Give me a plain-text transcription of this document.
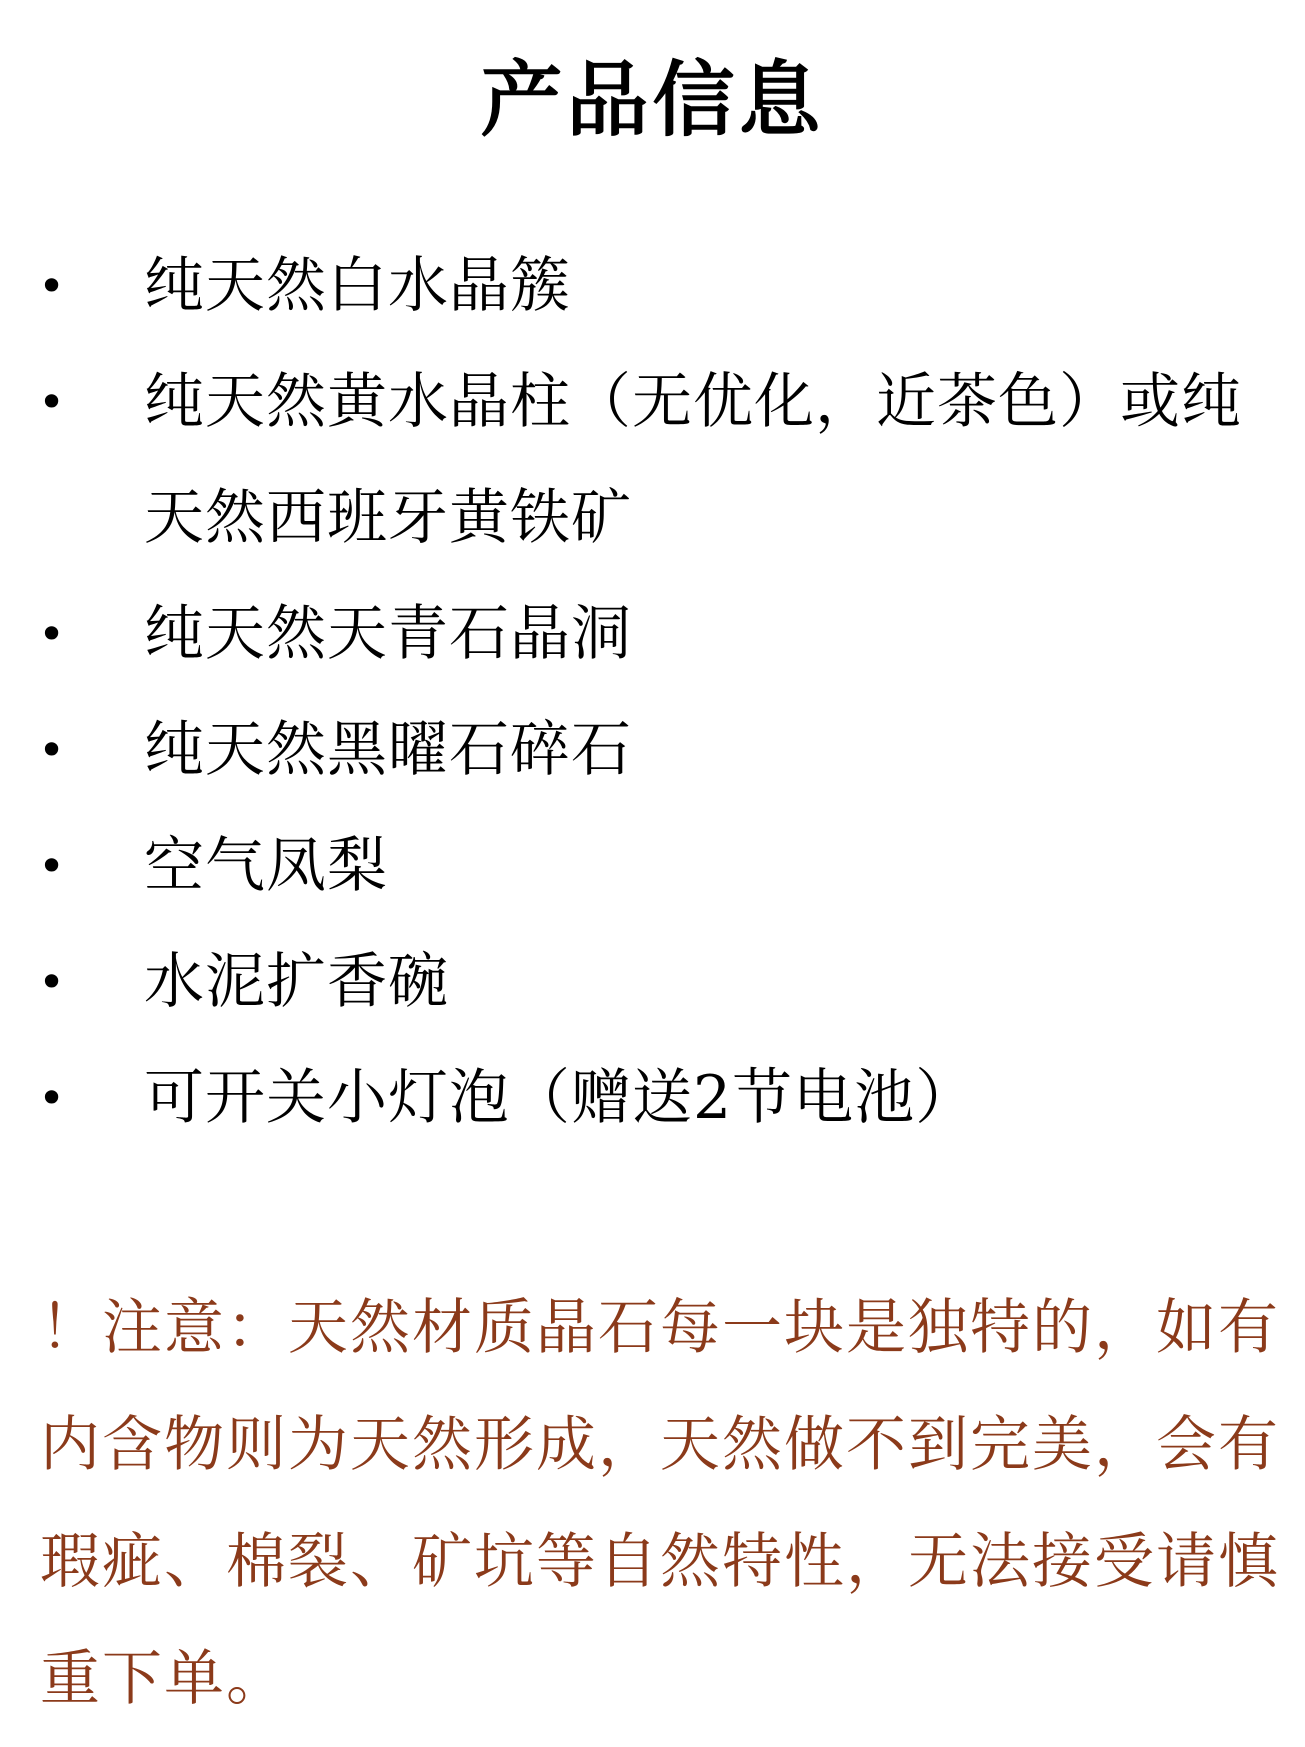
产品信息
• 纯天然白水晶簇
• 纯天然黄水晶柱（无优化，近茶色）或纯天然西班牙黄铁矿
• 纯天然天青石晶洞
• 纯天然黑曜石碎石
• 空气凤梨
• 水泥扩香碗
• 可开关小灯泡（赠送2节电池）
！注意：天然材质晶石每一块是独特的，如有内含物则为天然形成，天然做不到完美，会有瑕疵、棉裂、矿坑等自然特性，无法接受请慎重下单。
